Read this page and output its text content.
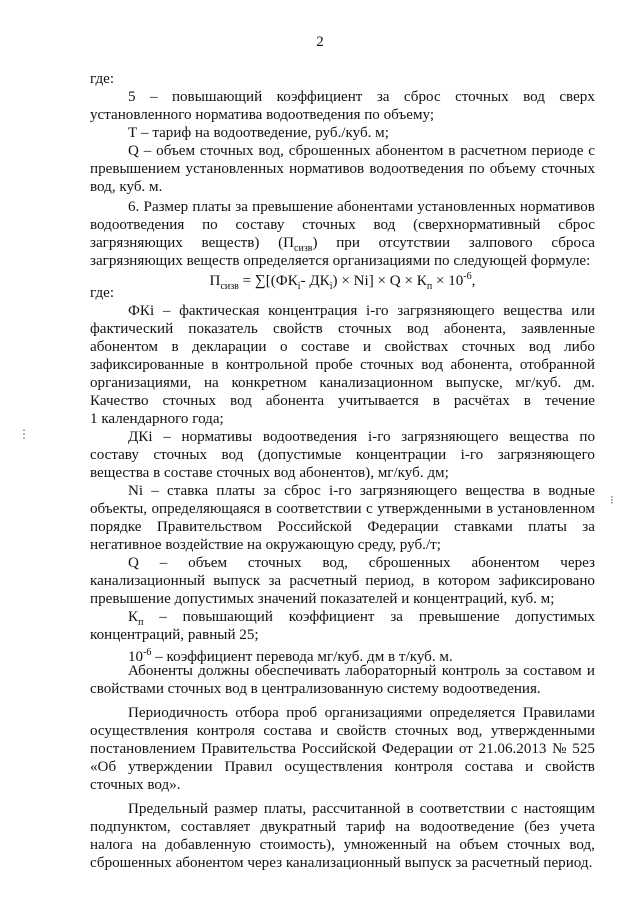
2
где:
5 – повышающий коэффициент за сброс сточных вод сверх
установленного норматива водоотведения по объему;
Т – тариф на водоотведение, руб./куб. м;
Q – объем сточных вод, сброшенных абонентом в расчетном периоде с
превышением установленных нормативов водоотведения по объему сточных
вод, куб. м.
6. Размер платы за превышение абонентами установленных нормативов
водоотведения по составу сточных вод (сверхнормативный сброс
загрязняющих веществ) $(П_{сизв})$ при отсутствии залпового сброса
загрязняющих веществ определяется организациями по следующей формуле:
$П_{сизв} = \sum[(ФК_i-$ $ДК_i) \times Ni] \times Q \times К_п \times 10^{-6}$,
где:
ФКi – фактическая концентрация i-го загрязняющего вещества или
фактический показатель свойств сточных вод абонента, заявленные
абонентом в декларации о составе и свойствах сточных вод либо
зафиксированные в контрольной пробе сточных вод абонента, отобранной
организациями, на конкретном канализационном выпуске, мг/куб. дм.
Качество сточных вод абонента учитывается в расчётах в течение
1 календарного года;
ДКi – нормативы водоотведения i-го загрязняющего вещества по
составу сточных вод (допустимые концентрации i-го загрязняющего
вещества в составе сточных вод абонентов), мг/куб. дм;
Ni – ставка платы за сброс i-го загрязняющего вещества в водные
объекты, определяющаяся в соответствии с утвержденными в установленном
порядке Правительством Российской Федерации ставками платы за
негативное воздействие на окружающую среду, руб./т;
Q – объем сточных вод, сброшенных абонентом через
канализационный выпуск за расчетный период, в котором зафиксировано
превышение допустимых значений показателей и концентраций, куб. м;
$К_п$ – повышающий коэффициент за превышение допустимых
концентраций, равный 25;
$10^{-6}$ – коэффициент перевода мг/куб. дм в т/куб. м.
Абоненты должны обеспечивать лабораторный контроль за составом и
свойствами сточных вод в централизованную систему водоотведения.
Периодичность отбора проб организациями определяется Правилами
осуществления контроля состава и свойств сточных вод, утвержденными
постановлением Правительства Российской Федерации от 21.06.2013 № 525
«Об утверждении Правил осуществления контроля состава и свойств
сточных вод».
Предельный размер платы, рассчитанной в соответствии с настоящим
подпунктом, составляет двукратный тариф на водоотведение (без учета
налога на добавленную стоимость), умноженный на объем сточных вод,
сброшенных абонентом через канализационный выпуск за расчетный период.
⋮
⁝
